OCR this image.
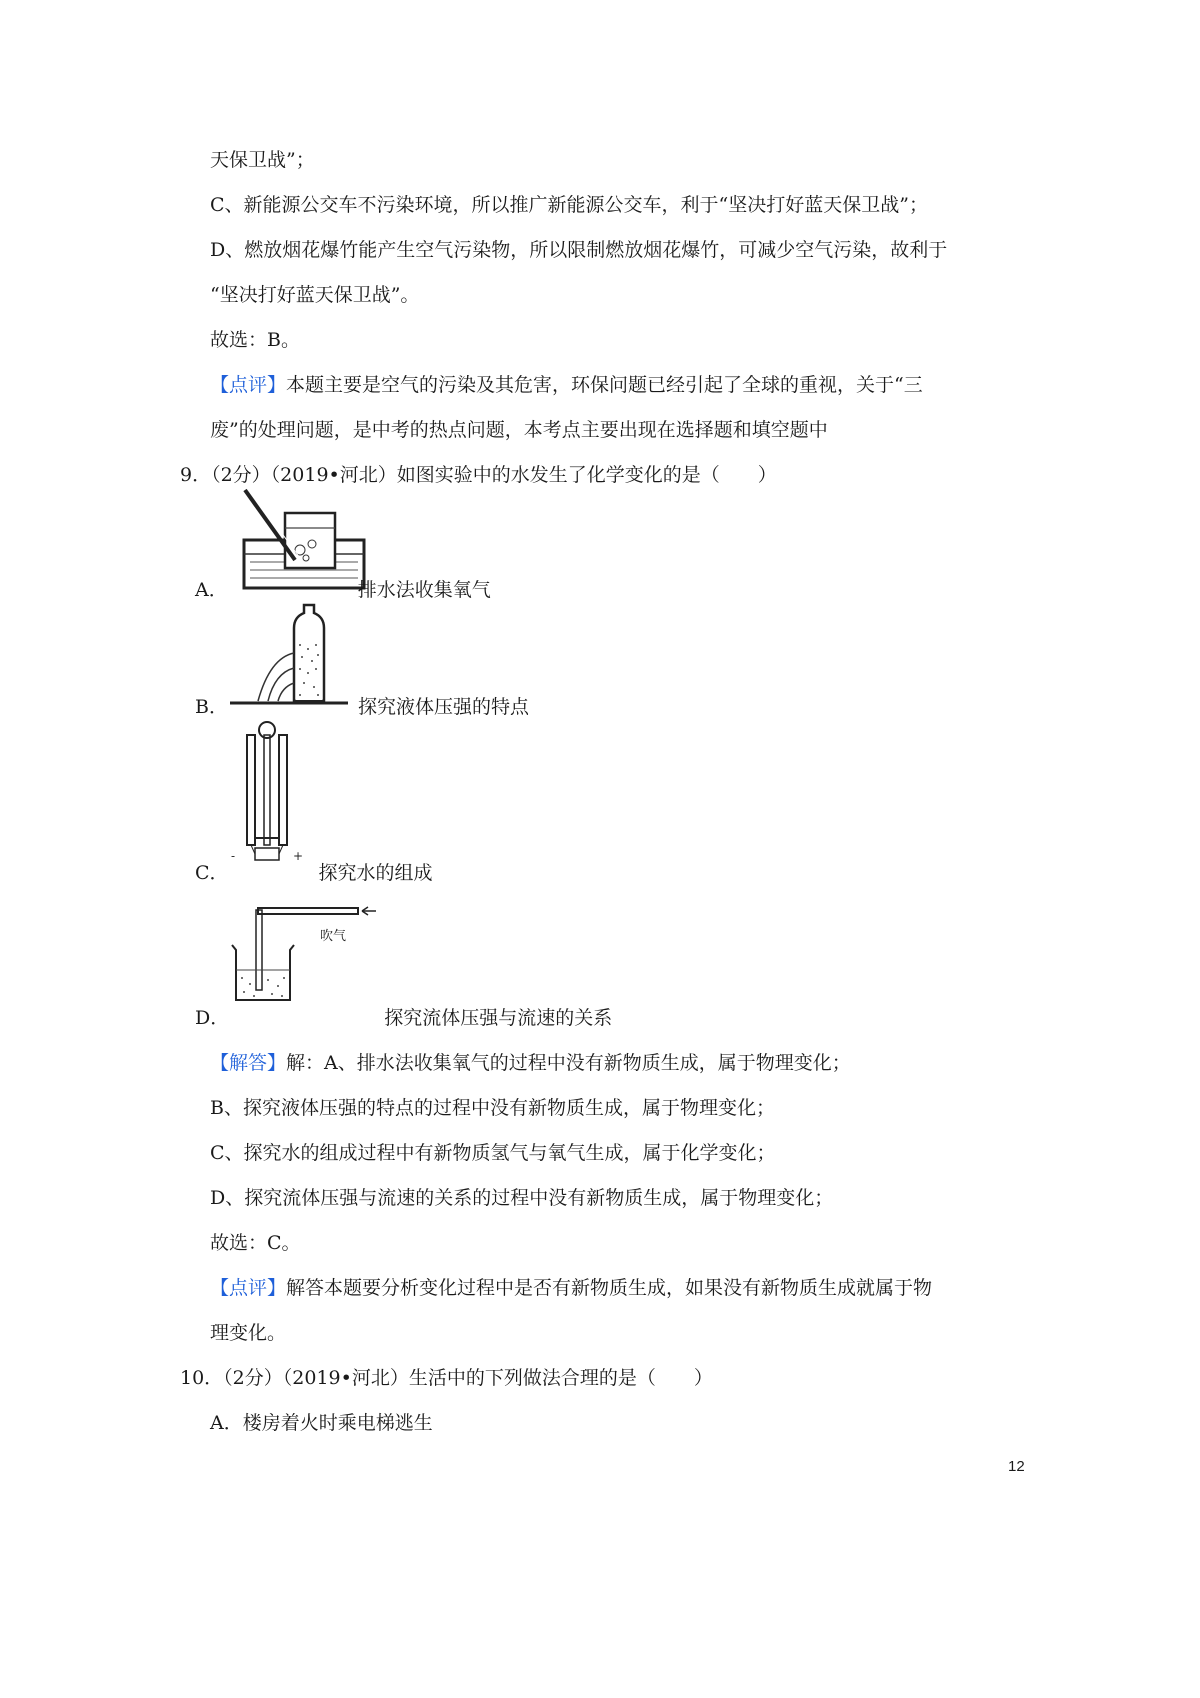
天保卫战”；
C、新能源公交车不污染环境，所以推广新能源公交车，利于“坚决打好蓝天保卫战”；
D、燃放烟花爆竹能产生空气污染物，所以限制燃放烟花爆竹，可减少空气污染，故利于
“坚决打好蓝天保卫战”。
故选：B。
【点评】本题主要是空气的污染及其危害，环保问题已经引起了全球的重视，关于“三
废”的处理问题，是中考的热点问题，本考点主要出现在选择题和填空题中
9．（2分）（2019•河北）如图实验中的水发生了化学变化的是（　　）
A．	排水法收集氧气
B．	探究液体压强的特点
-	+
C．	探究水的组成
吹气
D．	探究流体压强与流速的关系
【解答】解：A、排水法收集氧气的过程中没有新物质生成，属于物理变化；
B、探究液体压强的特点的过程中没有新物质生成，属于物理变化；
C、探究水的组成过程中有新物质氢气与氧气生成，属于化学变化；
D、探究流体压强与流速的关系的过程中没有新物质生成，属于物理变化；
故选：C。
【点评】解答本题要分析变化过程中是否有新物质生成，如果没有新物质生成就属于物
理变化。
10．（2分）（2019•河北）生活中的下列做法合理的是（　　）
A．楼房着火时乘电梯逃生
12
